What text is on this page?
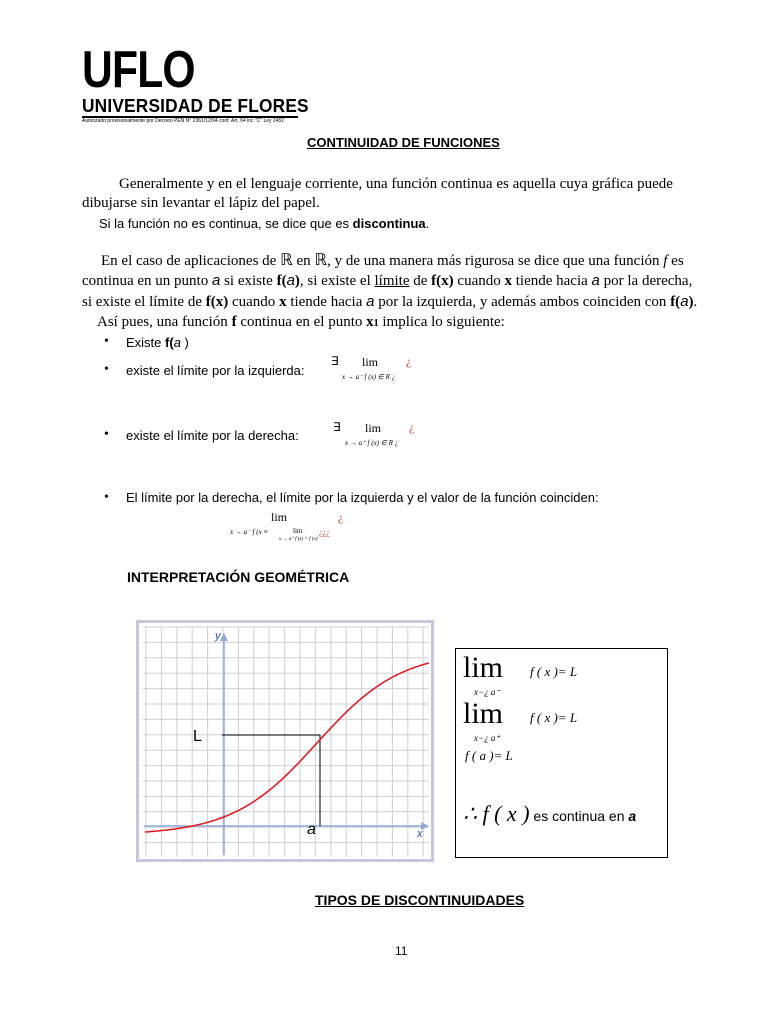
UFLO
UNIVERSIDAD DE FLORES
Autorizado provisionalmente por Decreto PEN N° 2361/12/94 conf. Art. 64 inc "C" Ley 2452
CONTINUIDAD DE FUNCIONES
Generalmente y en el lenguaje corriente, una función continua es aquella cuya gráfica puede
dibujarse sin levantar el lápiz del papel.
Si la función no es continua, se dice que es discontinua.
En el caso de aplicaciones de ℝ en ℝ, y de una manera más rigurosa se dice que una función f es
continua en un punto a si existe f(a), si existe el límite de f(x) cuando x tiende hacia a por la derecha,
si existe el límite de f(x) cuando x tiende hacia a por la izquierda, y además ambos coinciden con f(a).
Así pues, una función f continua en el punto x1 implica lo siguiente:
• Existe f(a )
• existe el límite por la izquierda:
∃ lim ¿
x → a⁻ f (x) ∈ R ¿
• existe el límite por la derecha:
∃ lim ¿
x → a⁺ f (x) ∈ R ¿
• El límite por la derecha, el límite por la izquierda y el valor de la función coinciden:
lim	¿
x → a⁻ f (x ≡	lim
x → a⁺ f (x) = f (a)
¿¿¿
INTERPRETACIÓN GEOMÉTRICA
y
x
L
a
lim f ( x )= L
x−¿ a⁻
lim f ( x )= L
x−¿ a⁺
f ( a )= L
∴ f ( x ) es continua en a
TIPOS DE DISCONTINUIDADES
11
